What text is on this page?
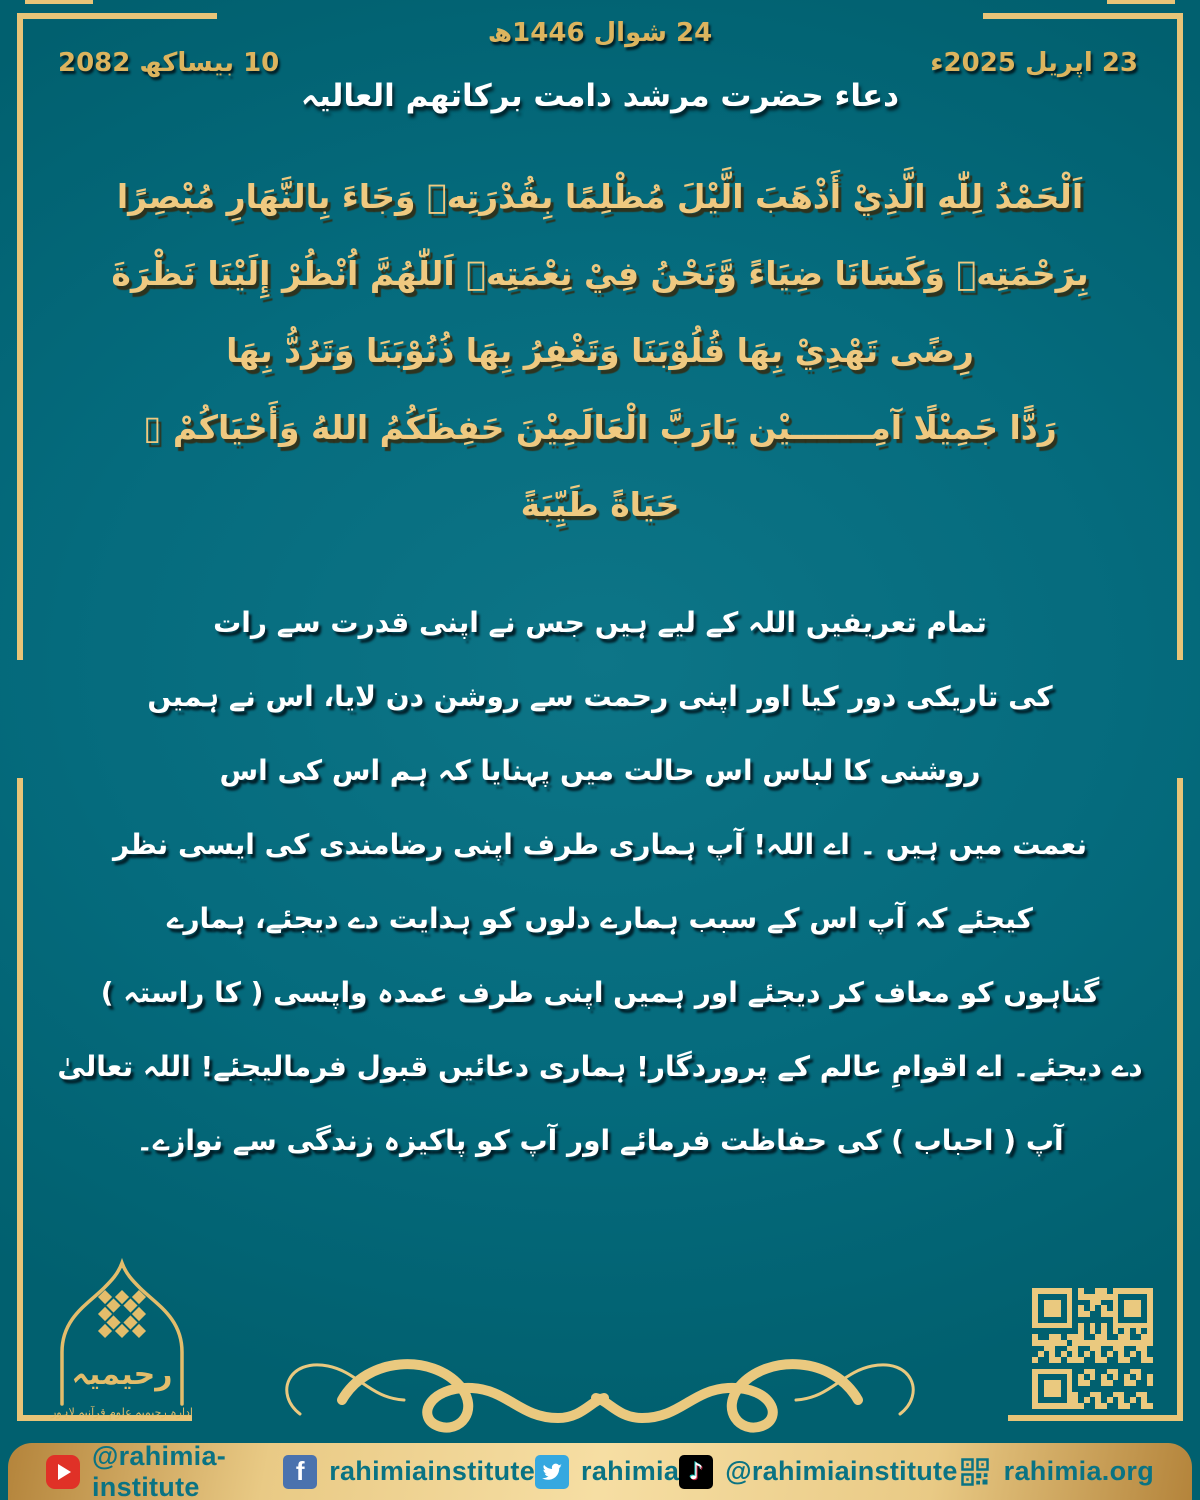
24 شوال 1446ھ
23 اپریل 2025ء
10 بیساکھ 2082
دعاء حضرت مرشد دامت برکاتھم العالیہ
اَلْحَمْدُ لِلّٰهِ الَّذِيْ أَذْهَبَ الَّيْلَ مُظْلِمًا بِقُدْرَتِهٖ وَجَاءَ بِالنَّهَارِ مُبْصِرًا
بِرَحْمَتِهٖ وَكَسَانَا ضِيَاءً وَّنَحْنُ فِيْ نِعْمَتِهٖ اَللّٰهُمَّ اُنْظُرْ إِلَيْنَا نَظْرَةَ
رِضًى تَهْدِيْ بِهَا قُلُوْبَنَا وَتَغْفِرُ بِهَا ذُنُوْبَنَا وَتَرُدُّ بِهَا
رَدًّا جَمِيْلًا آمِـــــــيْن يَارَبَّ الْعَالَمِيْنَ حَفِظَكُمُ اللهُ وَأَحْيَاكُمْ ▯
حَيَاةً طَيِّبَةً
تمام تعریفیں اللہ کے لیے ہیں جس نے اپنی قدرت سے رات
کی تاریکی دور کیا اور اپنی رحمت سے روشن دن لایا، اس نے ہمیں
روشنی کا لباس اس حالت میں پہنایا کہ ہم اس کی اس
نعمت میں ہیں ۔ اے اللہ! آپ ہماری طرف اپنی رضامندی کی ایسی نظر
کیجئے کہ آپ اس کے سبب ہمارے دلوں کو ہدایت دے دیجئے، ہمارے
گناہوں کو معاف کر دیجئے اور ہمیں اپنی طرف عمدہ واپسی ( کا راستہ )
دے دیجئے۔ اے اقوامِ عالم کے پروردگار! ہماری دعائیں قبول فرمالیجئے! اللہ تعالیٰ
آپ ( احباب ) کی حفاظت فرمائے اور آپ کو پاکیزہ زندگی سے نوازے۔
رحیمیہ
ادارہ رحیمیہ علومِ قرآنیہ لاہور
@rahimia-institute
f rahimiainstitute rahimia ♪ @rahimiainstitute rahimia.org
